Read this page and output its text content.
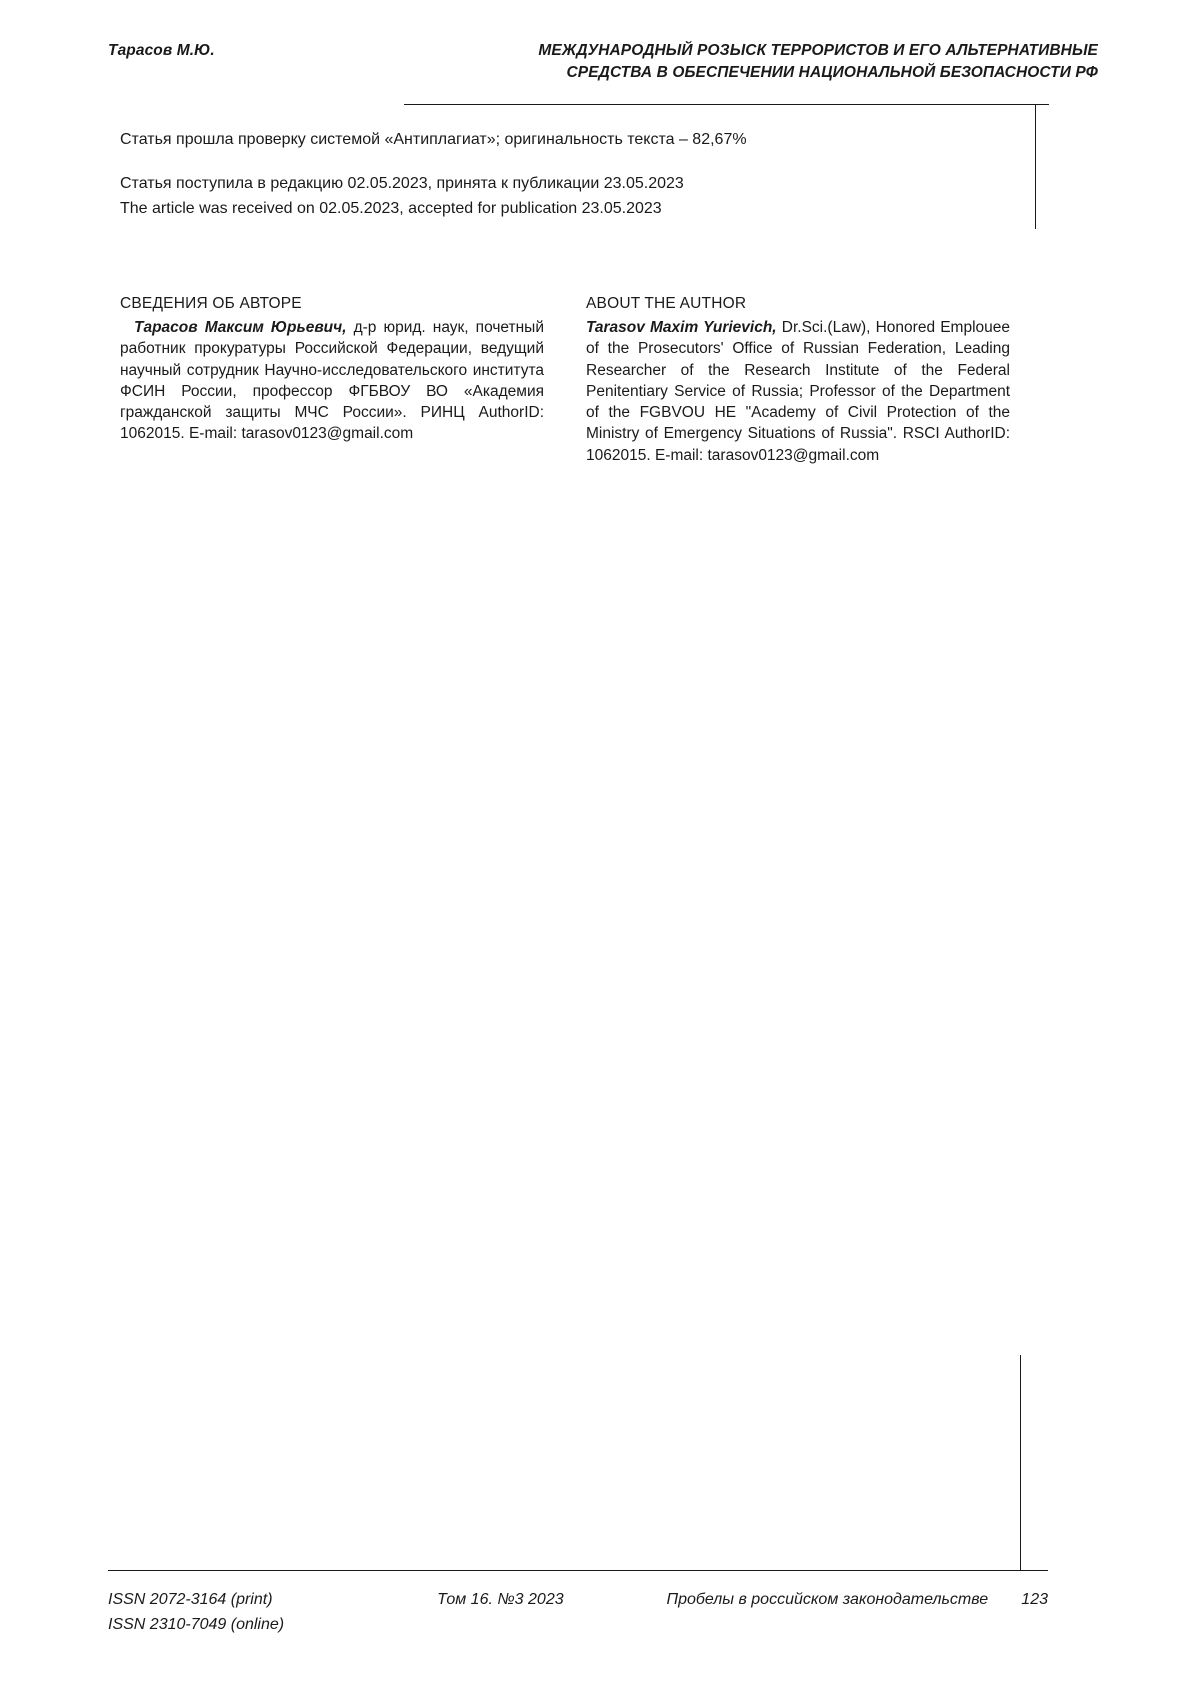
Тарасов М.Ю.	МЕЖДУНАРОДНЫЙ РОЗЫСК ТЕРРОРИСТОВ И ЕГО АЛЬТЕРНАТИВНЫЕ
СРЕДСТВА В ОБЕСПЕЧЕНИИ НАЦИОНАЛЬНОЙ БЕЗОПАСНОСТИ РФ
Статья прошла проверку системой «Антиплагиат»; оригинальность текста – 82,67%
Статья поступила в редакцию 02.05.2023, принята к публикации 23.05.2023
The article was received on 02.05.2023, accepted for publication 23.05.2023
СВЕДЕНИЯ ОБ АВТОРЕ
Тарасов Максим Юрьевич, д-р юрид. наук, почетный работник прокуратуры Российской Федерации, ведущий научный сотрудник Научно-исследовательского института ФСИН России, профессор ФГБВОУ ВО «Академия гражданской защиты МЧС России». РИНЦ AuthorID: 1062015. E-mail: tarasov0123@gmail.com
ABOUT THE AUTHOR
Tarasov Maxim Yurievich, Dr.Sci.(Law), Honored Emplouee of the Prosecutors' Office of Russian Federation, Leading Researcher of the Research Institute of the Federal Penitentiary Service of Russia; Professor of the Department of the FGBVOU HE "Academy of Civil Protection of the Ministry of Emergency Situations of Russia". RSCI AuthorID: 1062015. E-mail: tarasov0123@gmail.com
ISSN 2072-3164 (print)	Том 16. №3 2023	Пробелы в российском законодательстве	123
ISSN 2310-7049 (online)
